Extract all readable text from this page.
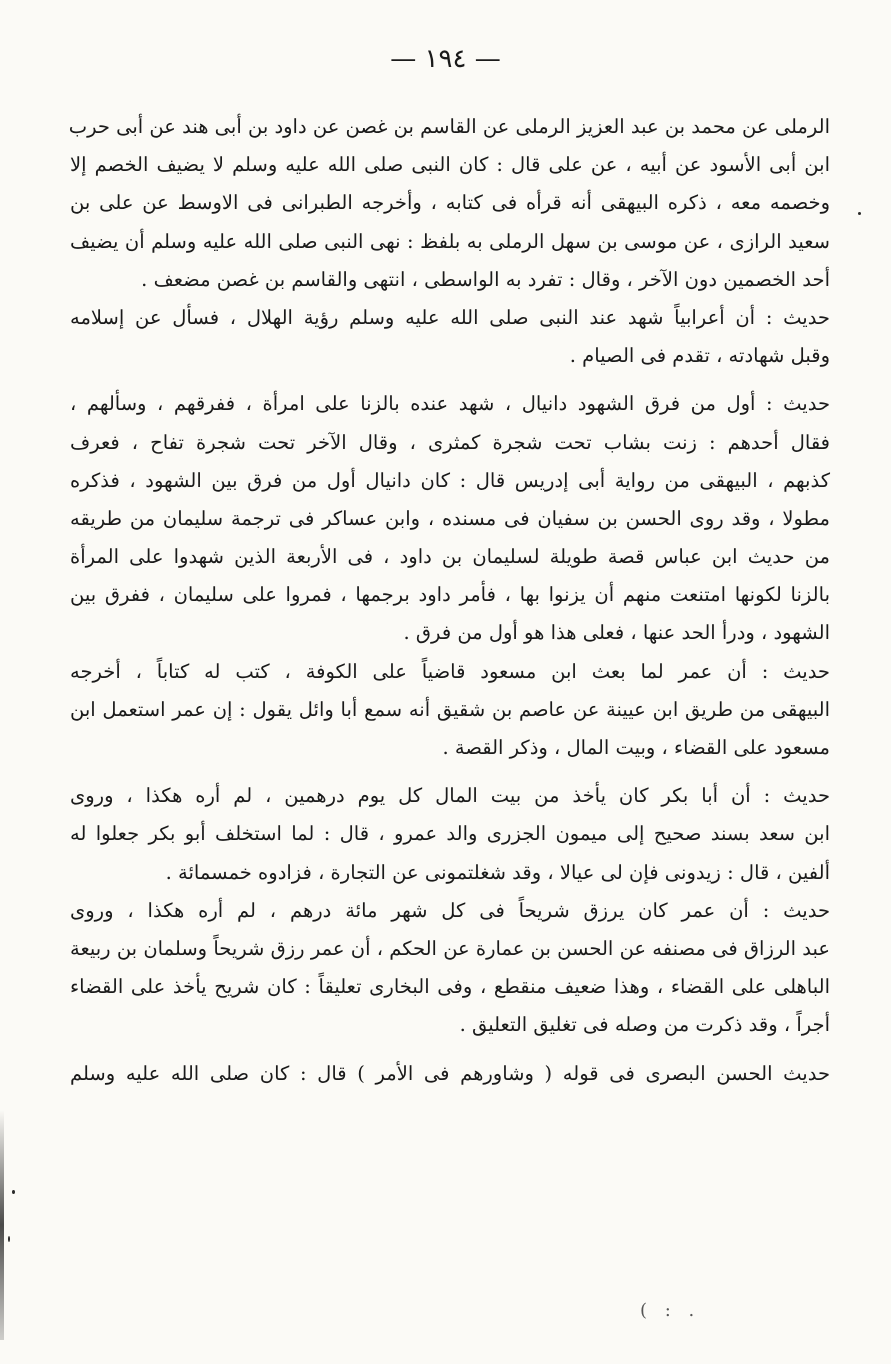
— ١٩٤ —
الرملى عن محمد بن عبد العزيز الرملى عن القاسم بن غصن عن داود بن أبى هند عن أبى حرب
ابن أبى الأسود عن أبيه ، عن على قال : كان النبى صلى الله عليه وسلم لا يضيف الخصم إلا
وخصمه معه ، ذكره البيهقى أنه قرأه فى كتابه ، وأخرجه الطبرانى فى الاوسط عن على بن
سعيد الرازى ، عن موسى بن سهل الرملى به بلفظ : نهى النبى صلى الله عليه وسلم أن يضيف
أحد الخصمين دون الآخر ، وقال : تفرد به الواسطى ، انتهى والقاسم بن غصن مضعف .
حديث : أن أعرابياً شهد عند النبى صلى الله عليه وسلم رؤية الهلال ، فسأل عن إسلامه
وقبل شهادته ، تقدم فى الصيام .
حديث : أول من فرق الشهود دانيال ، شهد عنده بالزنا على امرأة ، ففرقهم ، وسألهم ،
فقال أحدهم : زنت بشاب تحت شجرة كمثرى ، وقال الآخر تحت شجرة تفاح ، فعرف
كذبهم ، البيهقى من رواية أبى إدريس قال : كان دانيال أول من فرق بين الشهود ، فذكره
مطولا ، وقد روى الحسن بن سفيان فى مسنده ، وابن عساكر فى ترجمة سليمان من طريقه
من حديث ابن عباس قصة طويلة لسليمان بن داود ، فى الأربعة الذين شهدوا على المرأة
بالزنا لكونها امتنعت منهم أن يزنوا بها ، فأمر داود برجمها ، فمروا على سليمان ، ففرق بين
الشهود ، ودرأ الحد عنها ، فعلى هذا هو أول من فرق .
حديث : أن عمر لما بعث ابن مسعود قاضياً على الكوفة ، كتب له كتاباً ، أخرجه
البيهقى من طريق ابن عيينة عن عاصم بن شقيق أنه سمع أبا وائل يقول : إن عمر استعمل ابن
مسعود على القضاء ، وبيت المال ، وذكر القصة .
حديث : أن أبا بكر كان يأخذ من بيت المال كل يوم درهمين ، لم أره هكذا ، وروى
ابن سعد بسند صحيح إلى ميمون الجزرى والد عمرو ، قال : لما استخلف أبو بكر جعلوا له
ألفين ، قال : زيدونى فإن لى عيالا ، وقد شغلتمونى عن التجارة ، فزادوه خمسمائة .
حديث : أن عمر كان يرزق شريحاً فى كل شهر مائة درهم ، لم أره هكذا ، وروى
عبد الرزاق فى مصنفه عن الحسن بن عمارة عن الحكم ، أن عمر رزق شريحاً وسلمان بن ربيعة
الباهلى على القضاء ، وهذا ضعيف منقطع ، وفى البخارى تعليقاً : كان شريح يأخذ على القضاء
أجراً ، وقد ذكرت من وصله فى تغليق التعليق .
حديث الحسن البصرى فى قوله ( وشاورهم فى الأمر ) قال : كان صلى الله عليه وسلم
( : .
